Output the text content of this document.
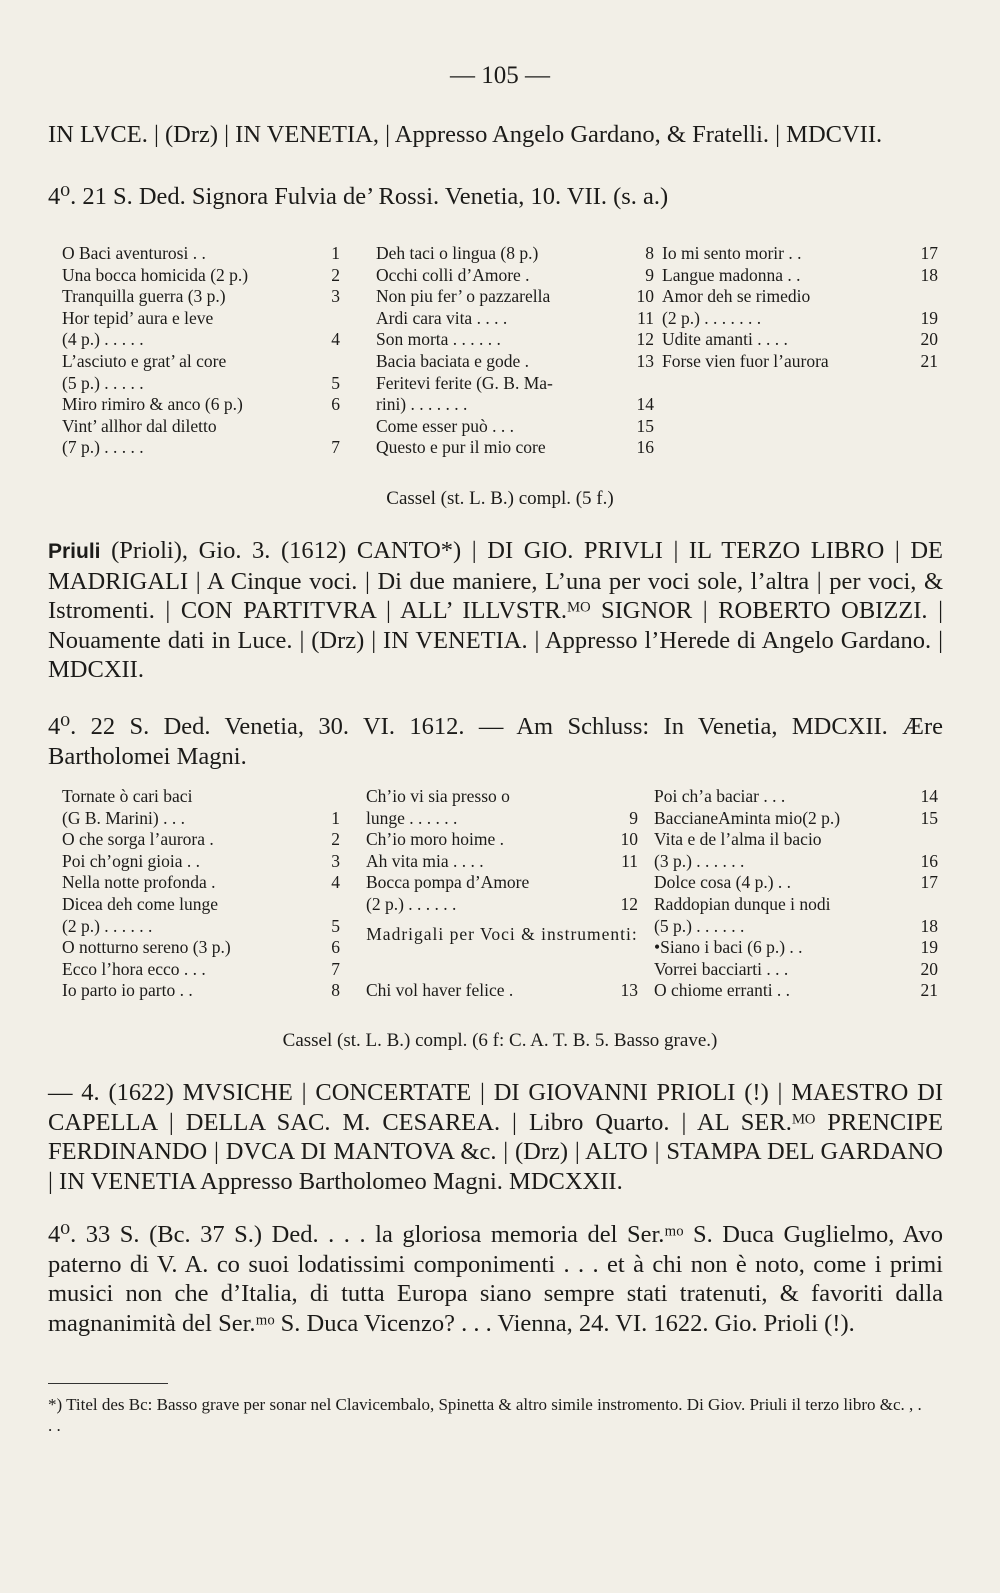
— 105 —
IN LVCE. | (Drz) | IN VENETIA, | Appresso Angelo Gardano, & Fratelli. | MDCVII.
4⁰. 21 S. Ded. Signora Fulvia de’ Rossi. Venetia, 10. VII. (s. a.)
O Baci aventurosi . .	1
Una bocca homicida (2 p.)	2
Tranquilla guerra (3 p.)	3
Hor tepid’ aura e leve
(4 p.) . . . . .	4
L’asciuto e grat’ al core
(5 p.) . . . . .	5
Miro rimiro & anco (6 p.)	6
Vint’ allhor dal diletto
(7 p.) . . . . .	7
Deh taci o lingua (8 p.)	8
Occhi colli d’Amore .	9
Non piu fer’ o pazzarella	10
Ardi cara vita . . . .	11
Son morta . . . . . .	12
Baciа baciata e gode .	13
Feritevi ferite (G. B. Ma-
rini) . . . . . . .	14
Come esser può . . .	15
Questo e pur il mio core	16
Io mi sento morir . .	17
Langue madonna . .	18
Amor deh se rimedio
(2 p.) . . . . . . .	19
Udite amanti . . . .	20
Forse vien fuor l’aurora	21
Cassel (st. L. B.) compl. (5 f.)
Priuli (Prioli), Gio. 3. (1612) CANTO*) | DI GIO. PRIVLI | IL TERZO LIBRO | DE MADRIGALI | A Cinque voci. | Di due maniere, L’una per voci sole, l’altra | per voci, & Istromenti. | CON PARTITVRA | ALL’ ILLVSTR.ᴹᴼ SIGNOR | ROBERTO OBIZZI. | Nouamente dati in Luce. | (Drz) | IN VENETIA. | Appresso l’Herede di Angelo Gardano. | MDCXII.
4⁰. 22 S. Ded. Venetia, 30. VI. 1612. — Am Schluss: In Venetia, MDCXII. Ære Bartholomei Magni.
Tornate ò cari baci
(G B. Marini) . . .	1
O che sorga l’aurora .	2
Poi ch’ogni gioia . .	3
Nella notte profonda .	4
Dicea deh come lunge
(2 p.) . . . . . .	5
O notturno sereno (3 p.)	6
Ecco l’hora ecco . . .	7
Io parto io parto . .	8
Ch’io vi sia presso o
lunge . . . . . .	9
Ch’io moro hoime .	10
Ah vita mia . . . .	11
Bocca pompa d’Amore
(2 p.) . . . . . .	12
Madrigali per Voci & instrumenti:
Chi vol haver felice .	13
Poi ch’a baciar . . .	14
BaccianeAminta mio(2 p.)	15
Vita e de l’alma il bacio
(3 p.) . . . . . .	16
Dolce cosa (4 p.) . .	17
Raddopian dunque i nodi
(5 p.) . . . . . .	18
•Siano i baci (6 p.) . .	19
Vorrei bacciarti . . .	20
O chiome erranti . .	21
Cassel (st. L. B.) compl. (6 f: C. A. T. B. 5. Basso grave.)
— 4. (1622) MVSICHE | CONCERTATE | DI GIOVANNI PRIOLI (!) | MAESTRO DI CAPELLA | DELLA SAC. M. CESAREA. | Libro Quarto. | AL SER.ᴹᴼ PRENCIPE FERDINANDO | DVCA DI MANTOVA &c. | (Drz) | ALTO | STAMPA DEL GARDANO | IN VENETIA Appresso Bartholomeo Magni. MDCXXII.
4⁰. 33 S. (Bc. 37 S.) Ded. . . . la gloriosa memoria del Ser.ᵐᵒ S. Duca Guglielmo, Avo paterno di V. A. co suoi lodatissimi componimenti . . . et à chi non è noto, come i primi musici non che d’Italia, di tutta Europa siano sempre stati tratenuti, & favoriti dalla magnanimità del Ser.ᵐᵒ S. Duca Vicenzo? . . . Vienna, 24. VI. 1622. Gio. Prioli (!).
*) Titel des Bc: Basso grave per sonar nel Clavicembalo, Spinetta & altro simile instromento. Di Giov. Priuli il terzo libro &c. , . . .
